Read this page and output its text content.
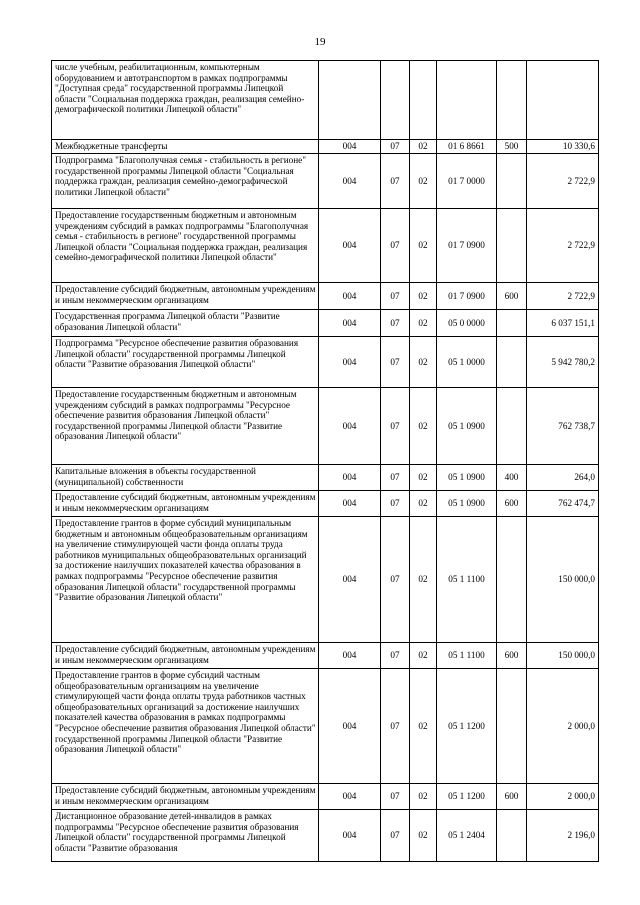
19
числе учебным, реабилитационным, компьютерным оборудованием и автотранспортом в рамках подпрограммы "Доступная среда" государственной программы Липецкой области "Социальная поддержка граждан, реализация семейно-демографической политики Липецкой области"						
Межбюджетные трансферты	004	07	02	01 6 8661	500	10 330,6
Подпрограмма "Благополучная семья - стабильность в регионе" государственной программы Липецкой области "Социальная поддержка граждан, реализация семейно-демографической политики Липецкой области"	004	07	02	01 7 0000		2 722,9
Предоставление государственным бюджетным и автономным учреждениям субсидий в рамках подпрограммы "Благополучная семья - стабильность в регионе" государственной программы Липецкой области "Социальная поддержка граждан, реализация семейно-демографической политики Липецкой области"	004	07	02	01 7 0900		2 722,9
Предоставление субсидий бюджетным, автономным учреждениям и иным некоммерческим организациям	004	07	02	01 7 0900	600	2 722,9
Государственная программа Липецкой области "Развитие образования Липецкой области"	004	07	02	05 0 0000		6 037 151,1
Подпрограмма "Ресурсное обеспечение развития образования Липецкой области" государственной программы Липецкой области "Развитие образования Липецкой области"	004	07	02	05 1 0000		5 942 780,2
Предоставление государственным бюджетным и автономным учреждениям субсидий в рамках подпрограммы "Ресурсное обеспечение развития образования Липецкой области" государственной программы Липецкой области "Развитие образования Липецкой области"	004	07	02	05 1 0900		762 738,7
Капитальные вложения в объекты государственной (муниципальной) собственности	004	07	02	05 1 0900	400	264,0
Предоставление субсидий бюджетным, автономным учреждениям и иным некоммерческим организациям	004	07	02	05 1 0900	600	762 474,7
Предоставление грантов в форме субсидий муниципальным бюджетным и автономным общеобразовательным организациям на увеличение стимулирующей части фонда оплаты труда работников муниципальных общеобразовательных организаций за достижение наилучших показателей качества образования в рамках подпрограммы "Ресурсное обеспечение развития образования Липецкой области" государственной программы "Развитие образования Липецкой области"	004	07	02	05 1 1100		150 000,0
Предоставление субсидий бюджетным, автономным учреждениям и иным некоммерческим организациям	004	07	02	05 1 1100	600	150 000,0
Предоставление грантов в форме субсидий частным общеобразовательным организациям на увеличение стимулирующей части фонда оплаты труда работников частных общеобразовательных организаций за достижение наилучших показателей качества образования в рамках подпрограммы "Ресурсное обеспечение развития образования Липецкой области" государственной программы Липецкой области "Развитие образования Липецкой области"	004	07	02	05 1 1200		2 000,0
Предоставление субсидий бюджетным, автономным учреждениям и иным некоммерческим организациям	004	07	02	05 1 1200	600	2 000,0
Дистанционное образование детей-инвалидов в рамках подпрограммы "Ресурсное обеспечение развития образования Липецкой области" государственной программы Липецкой области "Развитие образования	004	07	02	05 1 2404		2 196,0
